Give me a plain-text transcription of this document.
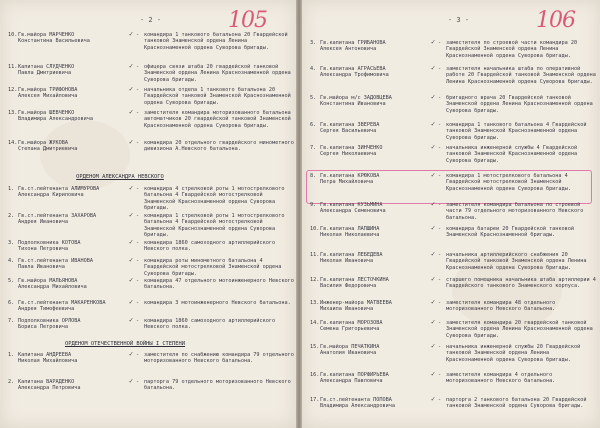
- 2 -	105
10. Гв.майора МАРЧЕНКО
Константина Васильевича
✓ - командира 1 танкового батальона 20 Гвардейской танковой Знаменской ордена Ленина Краснознаменной ордена Суворова бригады.
11. Капитана СЛУДЧЕНКО
Павла Дмитриевича
✓ - офицера связи штаба 20 гвардейской танковой Знаменской ордена Ленина Краснознаменной ордена Суворова бригады.
12. Гв.майора ТРИФОНОВА
Алексея Михайловича
✓ - начальника отдела 1 танкового батальона 20 Гвардейской танковой Знаменской Краснознаменной ордена Суворова бригады.
13. Гв.майора ШЕВЧЕНКО
Владимира Александровича
✓ - заместителя командира моторизованного батальона автоматчиков 20 гвардейской танковой Знаменской Краснознаменной ордена Суворова бригады.
14. Гв.майора ЖУКОВА
Степана Дмитриевича
✓ - командира 20 отдельного гвардейского минометного дивизиона А.Невского батальона.
ОРДЕНОМ АЛЕКСАНДРА НЕВСКОГО
1. Гв.ст.лейтенанта АЛИМУРОВА
Александра Кириловича
✓ - командира 4 стрелковой роты 1 мотострелкового батальона 4 Гвардейской мотострелковой Знаменской Краснознаменной ордена Суворова бригады.
2. Гв.ст.лейтенанта ЗАХАРОВА
Андрея Ивановича
✓ - командира 1 стрелковой роты 1 мотострелкового батальона 4 Гвардейской мотострелковой Знаменской Краснознаменной ордена Суворова бригады.
3. Подполковника КОТОВА
Тихона Петровича
✓ - командира 1860 самоходного артиллерийского Невского полка.
4. Гв.ст.лейтенанта ИВАНОВА
Павла Ивановича
✓ - командира роты минометного батальона 4 Гвардейской мотострелковой Знаменской ордена Суворова бригады.
5. Гв.майора МАЛЬЯНОВА
Александра Михайловича
✓ - командира 47 отдельного мотоинженерного Невского батальона.
6. Гв.ст.лейтенанта МАКАРЕНКОВА
Андрея Тимофеевича
✓ - командира 3 мотоинженерного Невского батальона.
7. Подполковника ОРЛОВА
Бориса Петровича
✓ - командира 1860 самоходного артиллерийского Невского полка.
ОРДЕНОМ ОТЕЧЕСТВЕННОЙ ВОЙНЫ I СТЕПЕНИ
1. Капитана АНДРЕЕВА
Николая Михайловича
✓ - заместителя по снабжению командира 79 отдельного моторизованного Невского батальона.
2. Капитана ВАРАДЕНКО
Александра Петровича
✓ - парторга 79 отдельного моторизованного Невского батальона.
- 3 -	106
3. Гв.капитана ГРИБАНОВА
Алексея Антоновича
✓ - заместителя по строевой части командира 20 Гвардейской Знаменской ордена Ленина Краснознаменной ордена Суворова бригады.
4. Гв.капитана АГРАСЬЕВА
Александра Трофимовича
✓ - заместителя начальника штаба по оперативной работе 20 Гвардейской танковой Знаменской ордена Ленина Краснознаменной ордена Суворова бригады.
5. Гв.майора м/с ЗАДОВЦЕВА
Константина Ивановича
✓ - бригадного врача 20 Гвардейской танковой Знаменской ордена Ленина Краснознаменной ордена Суворова бригады.
6. Гв.капитана ЗВЕРЕВА
Сергея Васильевича
✓ - командира 1 танкового батальона 4 Гвардейской танковой Знаменской Краснознаменной ордена Суворова бригады.
7. Гв.капитана ЗИНЧЕНКО
Сергея Николаевича
✓ - начальника инженерной службы 4 Гвардейской танковой Знаменской Краснознаменной ордена Суворова бригады.
8. Гв.капитана КРЮКОВА
Петра Михайловича
✓ - командира 1 мотострелкового батальона 4 Гвардейской мотострелковой Знаменской Краснознаменной ордена Суворова бригады.
9. Гв.капитана КУЗЬМИНА
Александра Семеновича
✓ - заместителя командира батальона по строевой части 79 отдельного моторизованного Невского батальона.
10. Гв.капитана ЛАПШИНА
Николая Николаевича
✓ - командира батареи 20 Гвардейской танковой Знаменской Краснознаменной бригады.
11. Гв.капитана ЛЕБЕДЕВА
Николая Ивановича
✓ - начальника артиллерийского снабжения 20 Гвардейской танковой Знаменской ордена Ленина Краснознаменной ордена Суворова бригады.
12. Гв.капитана ЛЕСТОЧКИНА
Василия Федоровича
✓ - старшего помощника начальника штаба артиллерии 4 Гвардейского танкового Знаменского корпуса.
13. Инженер-майора МАТВЕЕВА
Михаила Ивановича
✓ - заместителя командира 48 отдельного моторизованного Невского батальона.
14. Гв.капитана МОРОЗОВА
Семена Григорьевича
✓ - заместителя командира 20 гвардейской танковой Знаменской ордена Ленина Краснознаменной ордена Суворова бригады.
15. Гв.майора ПЕЧАТКИНА
Анатолия Ивановича
✓ - начальника инженерной службы 20 Гвардейской танковой Знаменской ордена Ленина Краснознаменной ордена Суворова бригады.
16. Гв.капитана ПОРФИРЬЕВА
Александра Павловича
✓ - заместителя командира 4 отдельного моторизованного Невского батальона.
17. Гв.ст.лейтенанта ПОПОВА
Владимира Александровича
✓ - парторга 2 танкового батальона 20 Гвардейской танковой Знаменской ордена Суворова бригады.
